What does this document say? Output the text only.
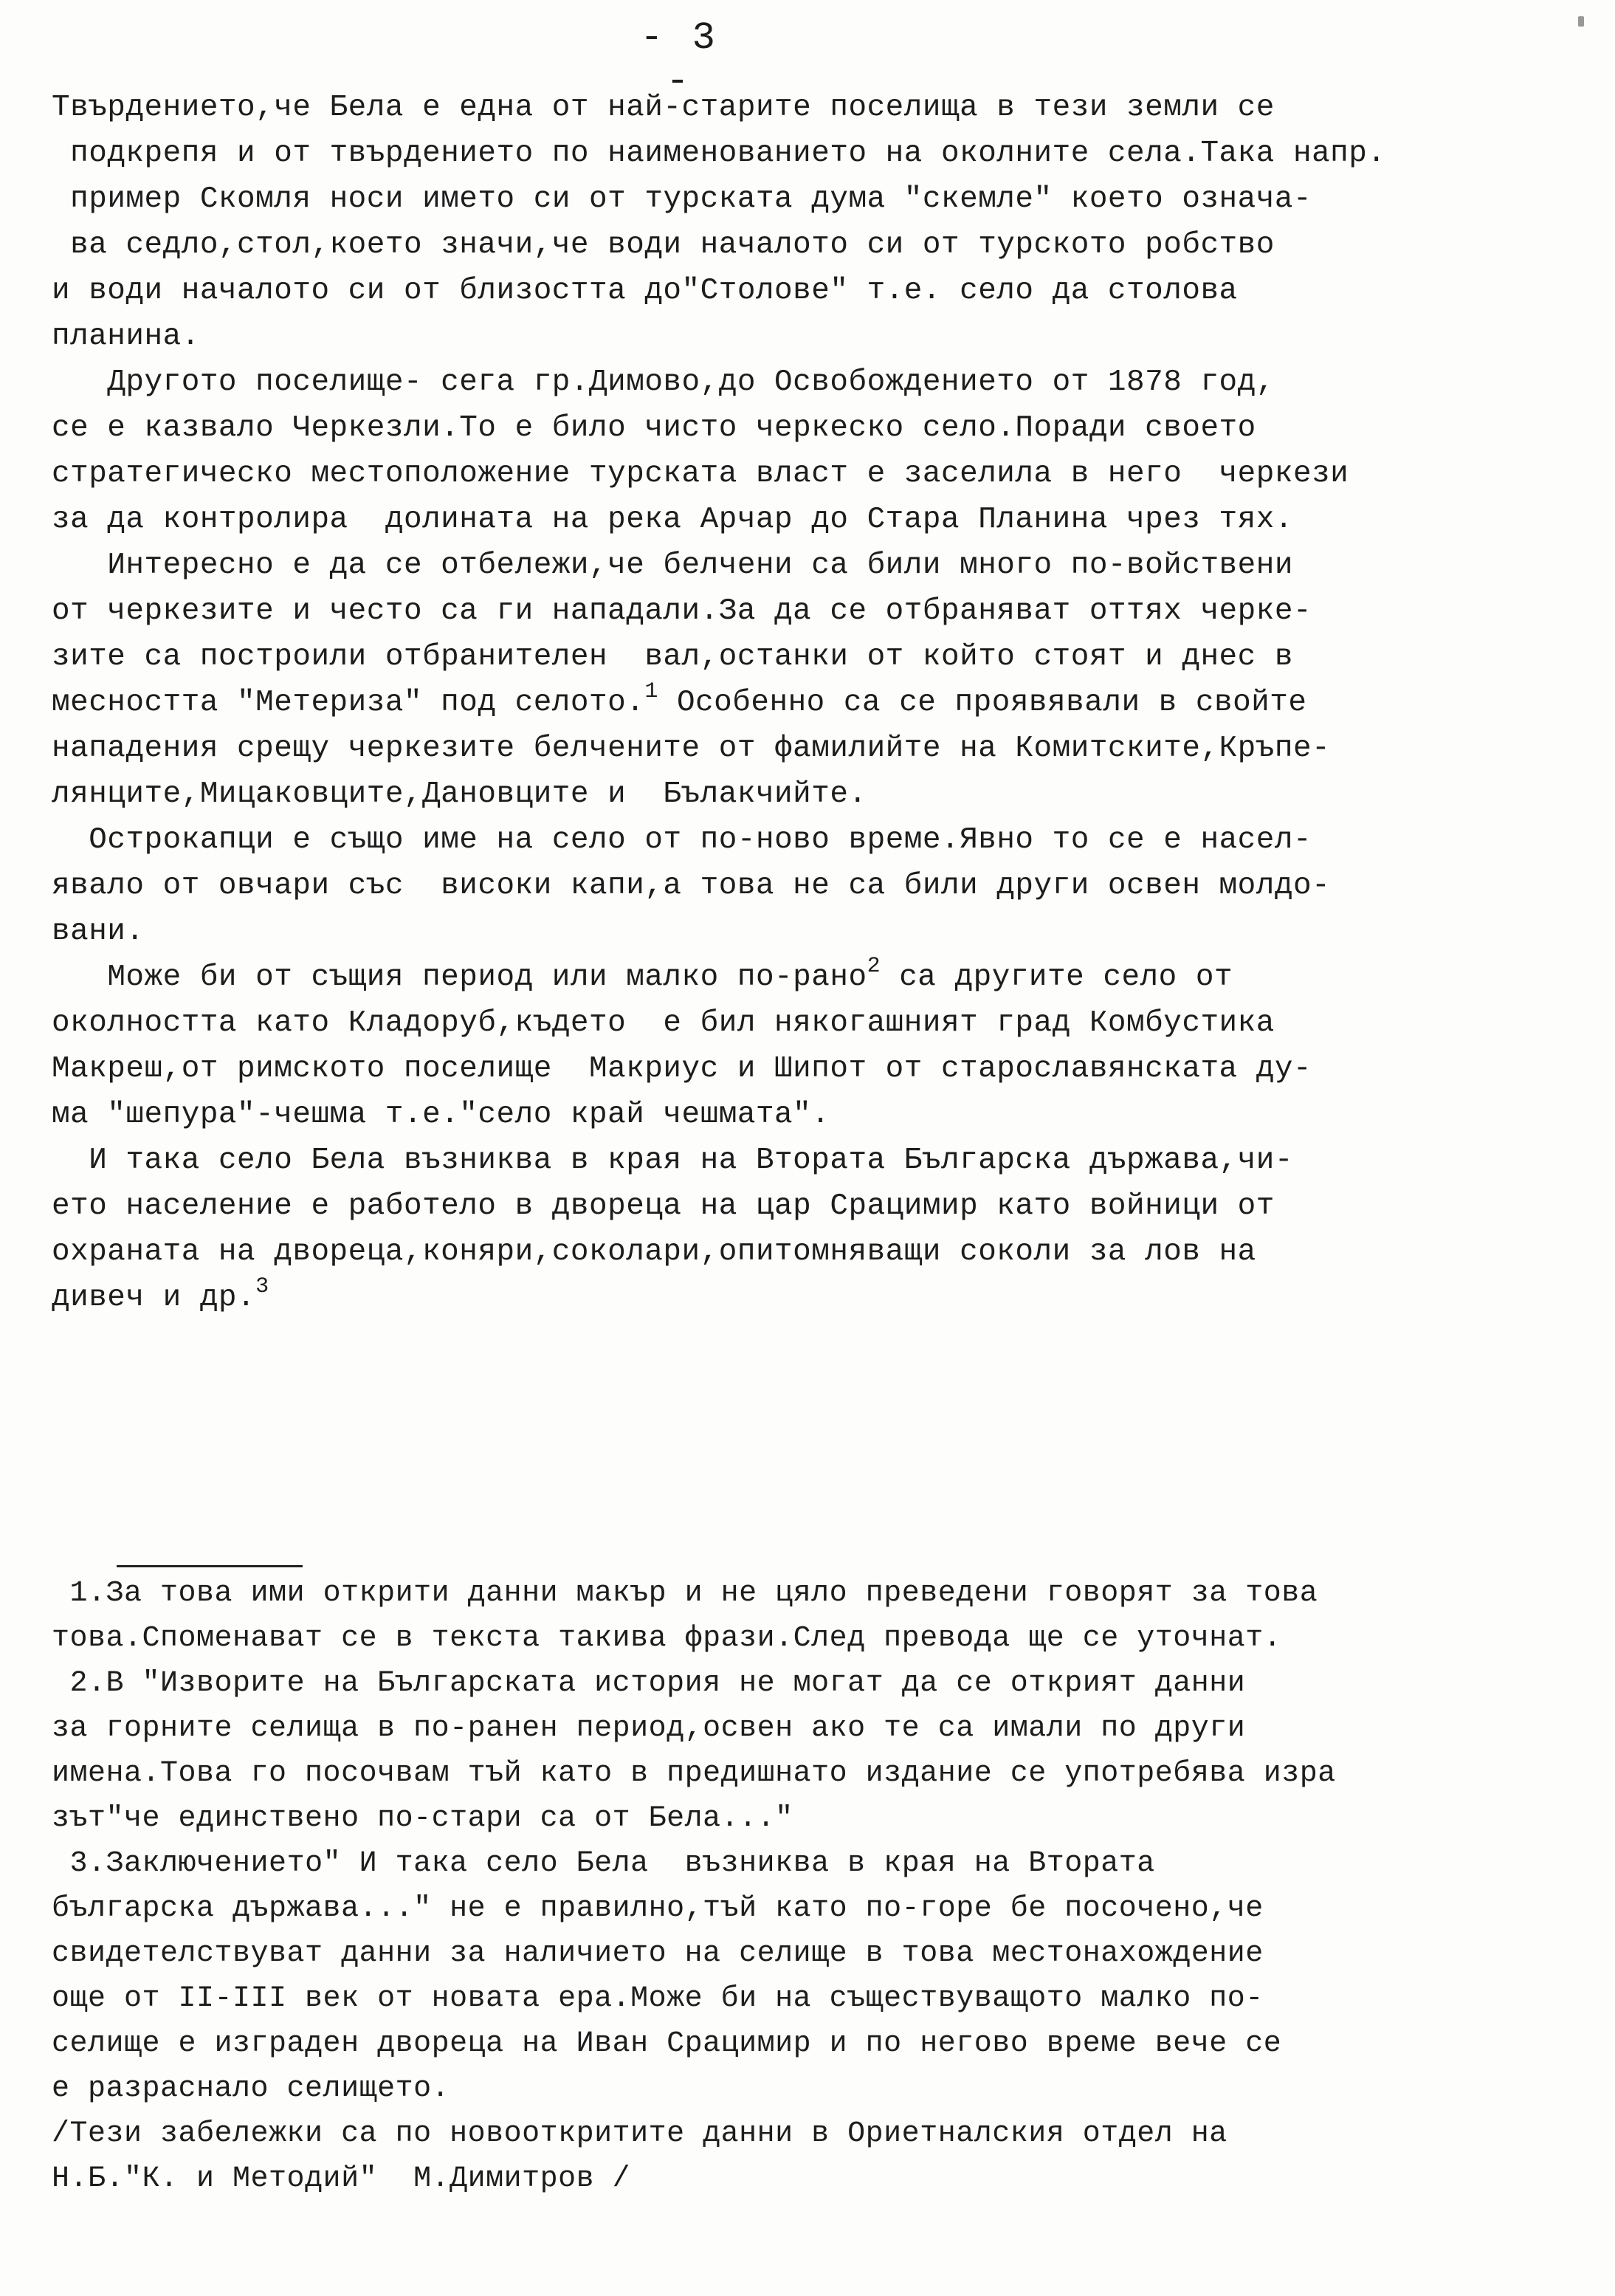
- 3 -
Твърдението,че Бела е една от най-старите поселища в тези земли се
подкрепя и от твърдението по наименованието на околните села.Така напр.
пример Скомля носи името си от турската дума "скемле" което означа-
ва седло,стол,което значи,че води началото си от турското робство
и води началото си от близостта до"Столове" т.е. село да столова
планина.
Другото поселище- сега гр.Димово,до Освобождението от 1878 год,
се е казвало Черкезли.То е било чисто черкеско село.Поради своето
стратегическо местоположение турската власт е заселила в него  черкези
за да контролира  долината на река Арчар до Стара Планина чрез тях.
Интересно е да се отбележи,че белчени са били много по-войствени
от черкезите и често са ги нападали.За да се отбраняват оттях черке-
зите са построили отбранителен  вал,останки от който стоят и днес в
месността "Метериза" под селото.$^1$ Особенно са се проявявали в свойте
нападения срещу черкезите белчените от фамилийте на Комитските,Кръпе-
лянците,Мицаковците,Дановците и  Бълакчийте.
Острокапци е също име на село от по-ново време.Явно то се е насел-
явало от овчари със  високи капи,а това не са били други освен молдо-
вани.
Може би от същия период или малко по-рано$^2$ са другите село от
околността като Кладоруб,където  е бил някогашният град Комбустика
Макреш,от римското поселище  Макриус и Шипот от старославянската ду-
ма "шепура"-чешма т.е."село край чешмата".
И така село Бела възниква в края на Втората Българска държава,чи-
ето население е работело в двореца на цар Срацимир като войници от
охраната на двореца,коняри,соколари,опитомняващи соколи за лов на
дивеч и др.$^3$
1.За това ими открити данни макър и не цяло преведени говорят за това
това.Споменават се в текста такива фрази.След превода ще се уточнат.
2.В "Изворите на Българската история не могат да се открият данни
за горните селища в по-ранен период,освен ако те са имали по други
имена.Това го посочвам тъй като в предишнато издание се употребява изра
зът"че единствено по-стари са от Бела..."
3.Заключението" И така село Бела  възниква в края на Втората
българска държава..." не е правилно,тъй като по-горе бе посочено,че
свидетелствуват данни за наличието на селище в това местонахождение
още от II-III век от новата ера.Може би на съществуващото малко по-
селище е изграден двореца на Иван Срацимир и по негово време вече се
е разраснало селището.
/Тези забележки са по новооткритите данни в Ориетналския отдел на
Н.Б."К. и Методий"  М.Димитров /
